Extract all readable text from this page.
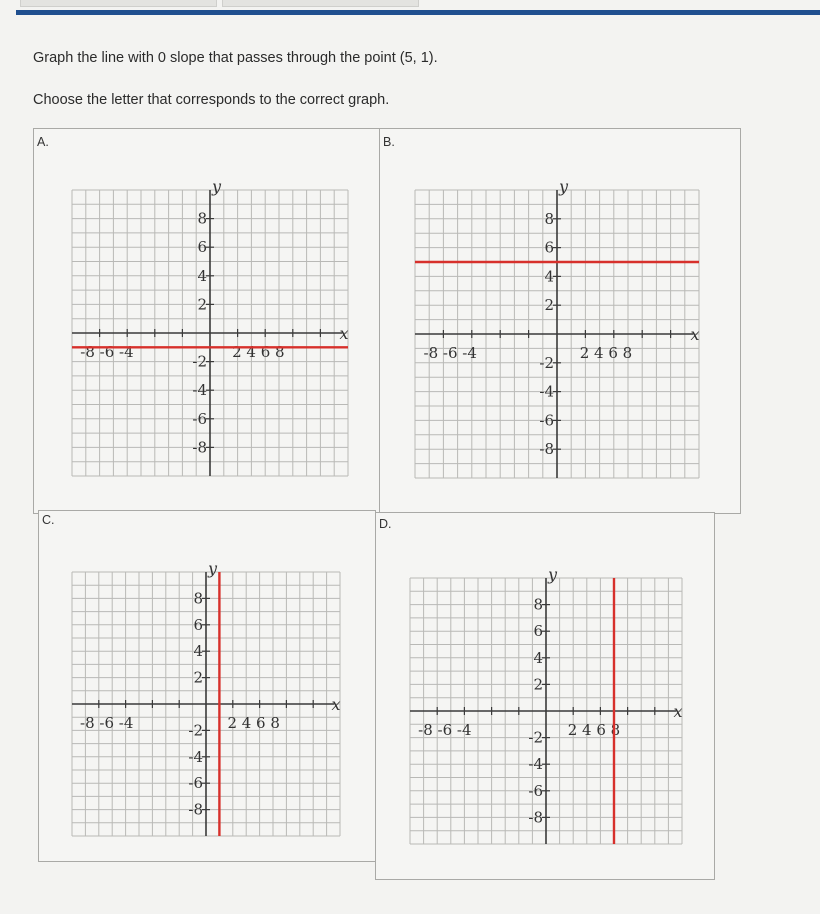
Graph the line with 0 slope that passes through the point (5, 1).
Choose the letter that corresponds to the correct graph.
A.	B.
C.	D.
y
x
-8 -6 -4	2 4 6 8
8
6
4
2
-2
-4
-6
-8
y
x
-8 -6 -4	2 4 6 8
8
6
4
2
-2
-4
-6
-8
y
x
-8 -6 -4	2 4 6 8
8
6
4
2
-2
-4
-6
-8
y
x
-8 -6 -4	2 4 6 8
8
6
4
2
-2
-4
-6
-8
